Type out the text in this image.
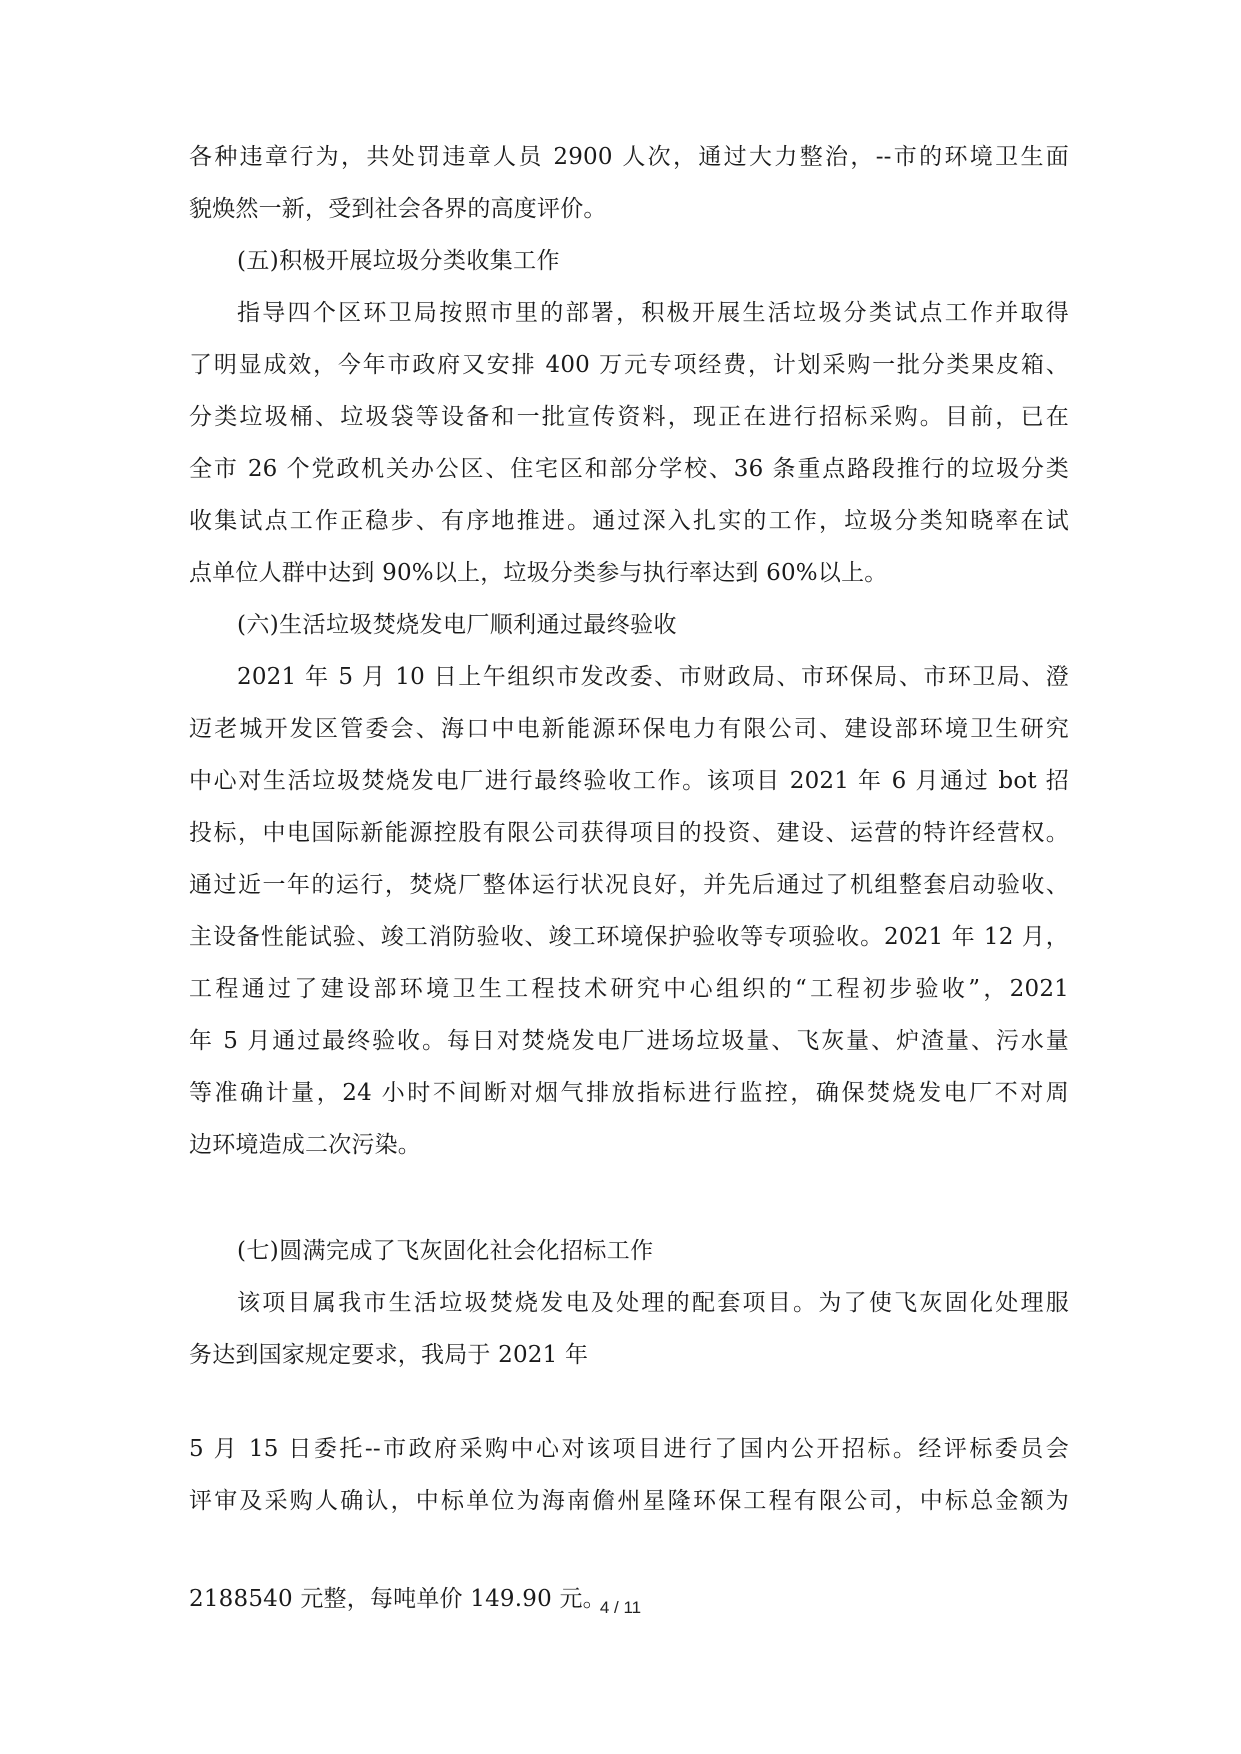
各种违章行为，共处罚违章人员 2900 人次，通过大力整治，--市的环境卫生面
貌焕然一新，受到社会各界的高度评价。
(五)积极开展垃圾分类收集工作
指导四个区环卫局按照市里的部署，积极开展生活垃圾分类试点工作并取得
了明显成效，今年市政府又安排 400 万元专项经费，计划采购一批分类果皮箱、
分类垃圾桶、垃圾袋等设备和一批宣传资料，现正在进行招标采购。目前，已在
全市 26 个党政机关办公区、住宅区和部分学校、36 条重点路段推行的垃圾分类
收集试点工作正稳步、有序地推进。通过深入扎实的工作，垃圾分类知晓率在试
点单位人群中达到 90%以上，垃圾分类参与执行率达到 60%以上。
(六)生活垃圾焚烧发电厂顺利通过最终验收
2021 年 5 月 10 日上午组织市发改委、市财政局、市环保局、市环卫局、澄
迈老城开发区管委会、海口中电新能源环保电力有限公司、建设部环境卫生研究
中心对生活垃圾焚烧发电厂进行最终验收工作。该项目 2021 年 6 月通过 bot 招
投标，中电国际新能源控股有限公司获得项目的投资、建设、运营的特许经营权。
通过近一年的运行，焚烧厂整体运行状况良好，并先后通过了机组整套启动验收、
主设备性能试验、竣工消防验收、竣工环境保护验收等专项验收。2021 年 12 月，
工程通过了建设部环境卫生工程技术研究中心组织的“工程初步验收”，2021
年 5 月通过最终验收。每日对焚烧发电厂进场垃圾量、飞灰量、炉渣量、污水量
等准确计量，24 小时不间断对烟气排放指标进行监控，确保焚烧发电厂不对周
边环境造成二次污染。
(七)圆满完成了飞灰固化社会化招标工作
该项目属我市生活垃圾焚烧发电及处理的配套项目。为了使飞灰固化处理服
务达到国家规定要求，我局于 2021 年
5 月 15 日委托--市政府采购中心对该项目进行了国内公开招标。经评标委员会
评审及采购人确认，中标单位为海南儋州星隆环保工程有限公司，中标总金额为
2188540 元整，每吨单价 149.90 元。
4 / 11
